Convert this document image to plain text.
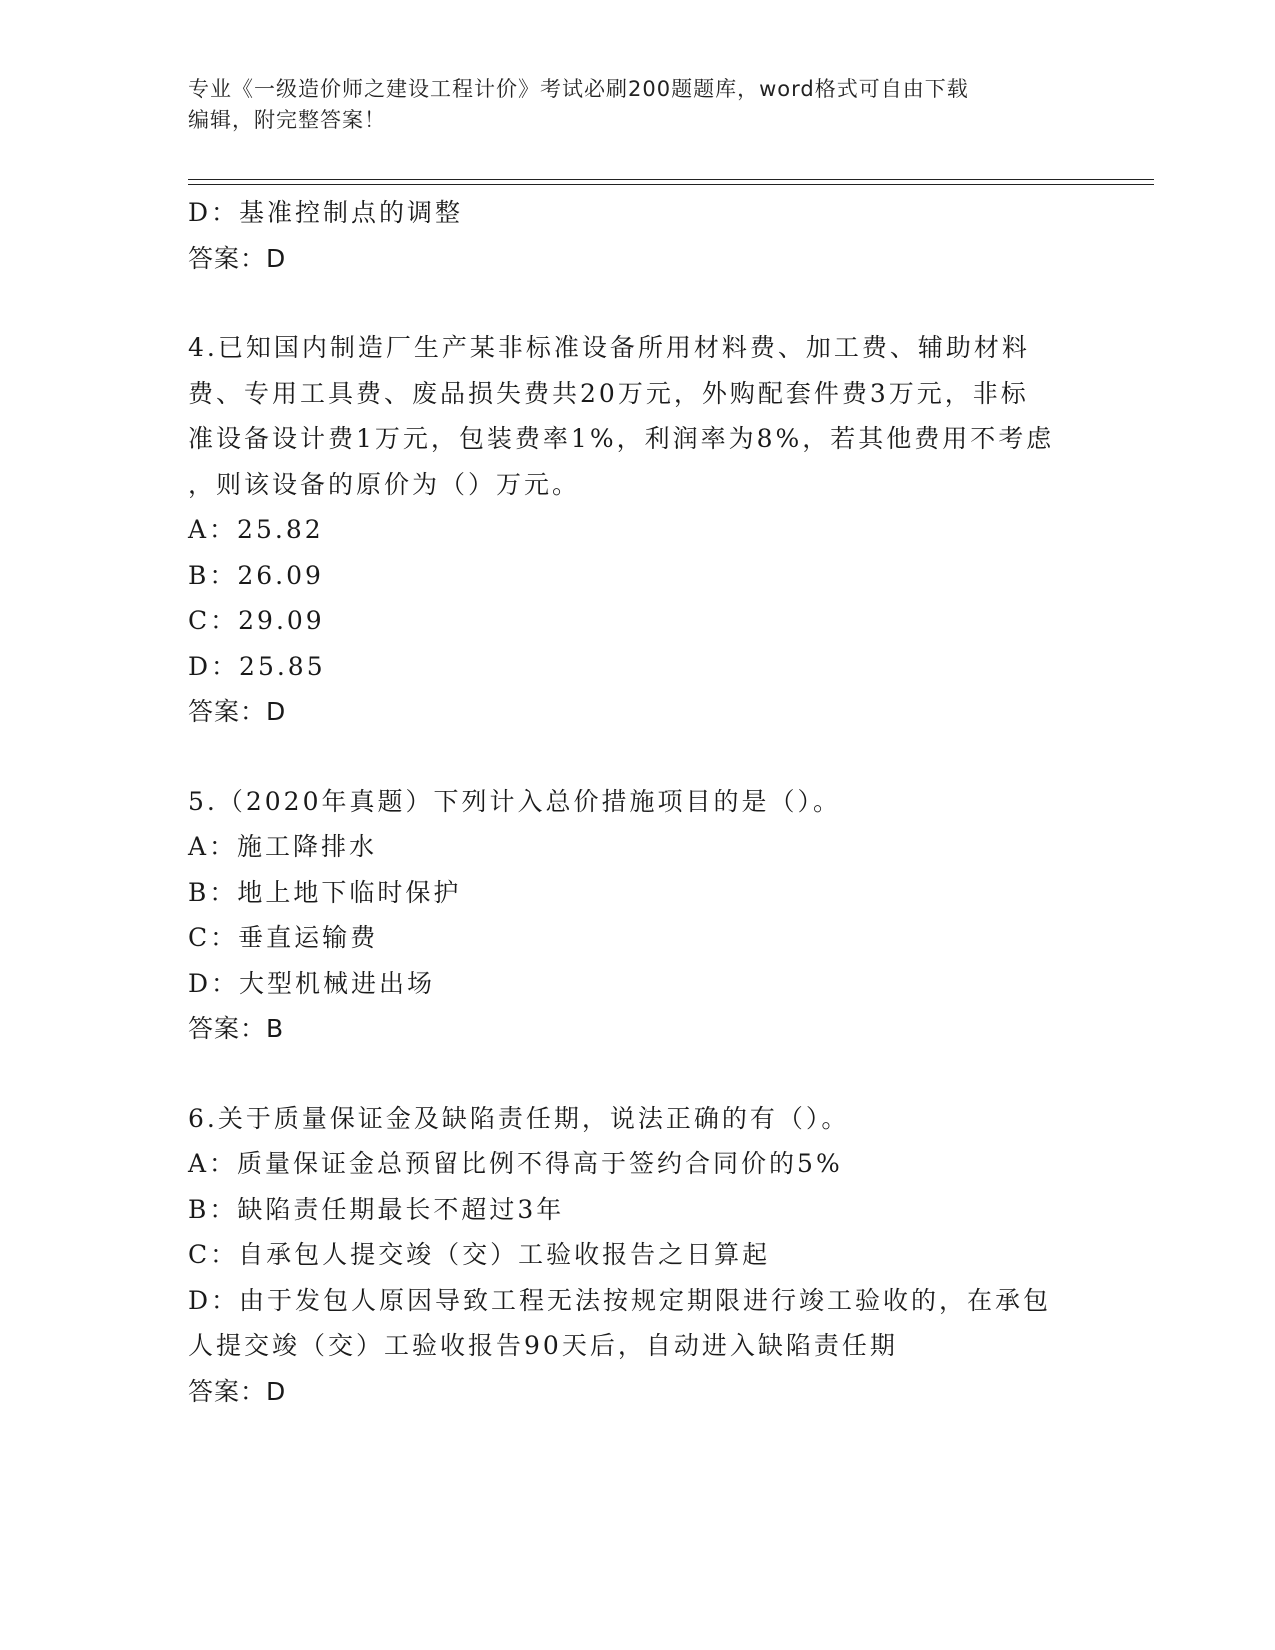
专业《一级造价师之建设工程计价》考试必刷200题题库，word格式可自由下载
编辑，附完整答案！
D：基准控制点的调整
答案：D
4.已知国内制造厂生产某非标准设备所用材料费、加工费、辅助材料
费、专用工具费、废品损失费共20万元，外购配套件费3万元，非标
准设备设计费1万元，包装费率1%，利润率为8%，若其他费用不考虑
，则该设备的原价为（）万元。
A：25.82
B：26.09
C：29.09
D：25.85
答案：D
5.（2020年真题）下列计入总价措施项目的是（）。
A：施工降排水
B：地上地下临时保护
C：垂直运输费
D：大型机械进出场
答案：B
6.关于质量保证金及缺陷责任期，说法正确的有（）。
A：质量保证金总预留比例不得高于签约合同价的5%
B：缺陷责任期最长不超过3年
C：自承包人提交竣（交）工验收报告之日算起
D：由于发包人原因导致工程无法按规定期限进行竣工验收的，在承包
人提交竣（交）工验收报告90天后，自动进入缺陷责任期
答案：D
